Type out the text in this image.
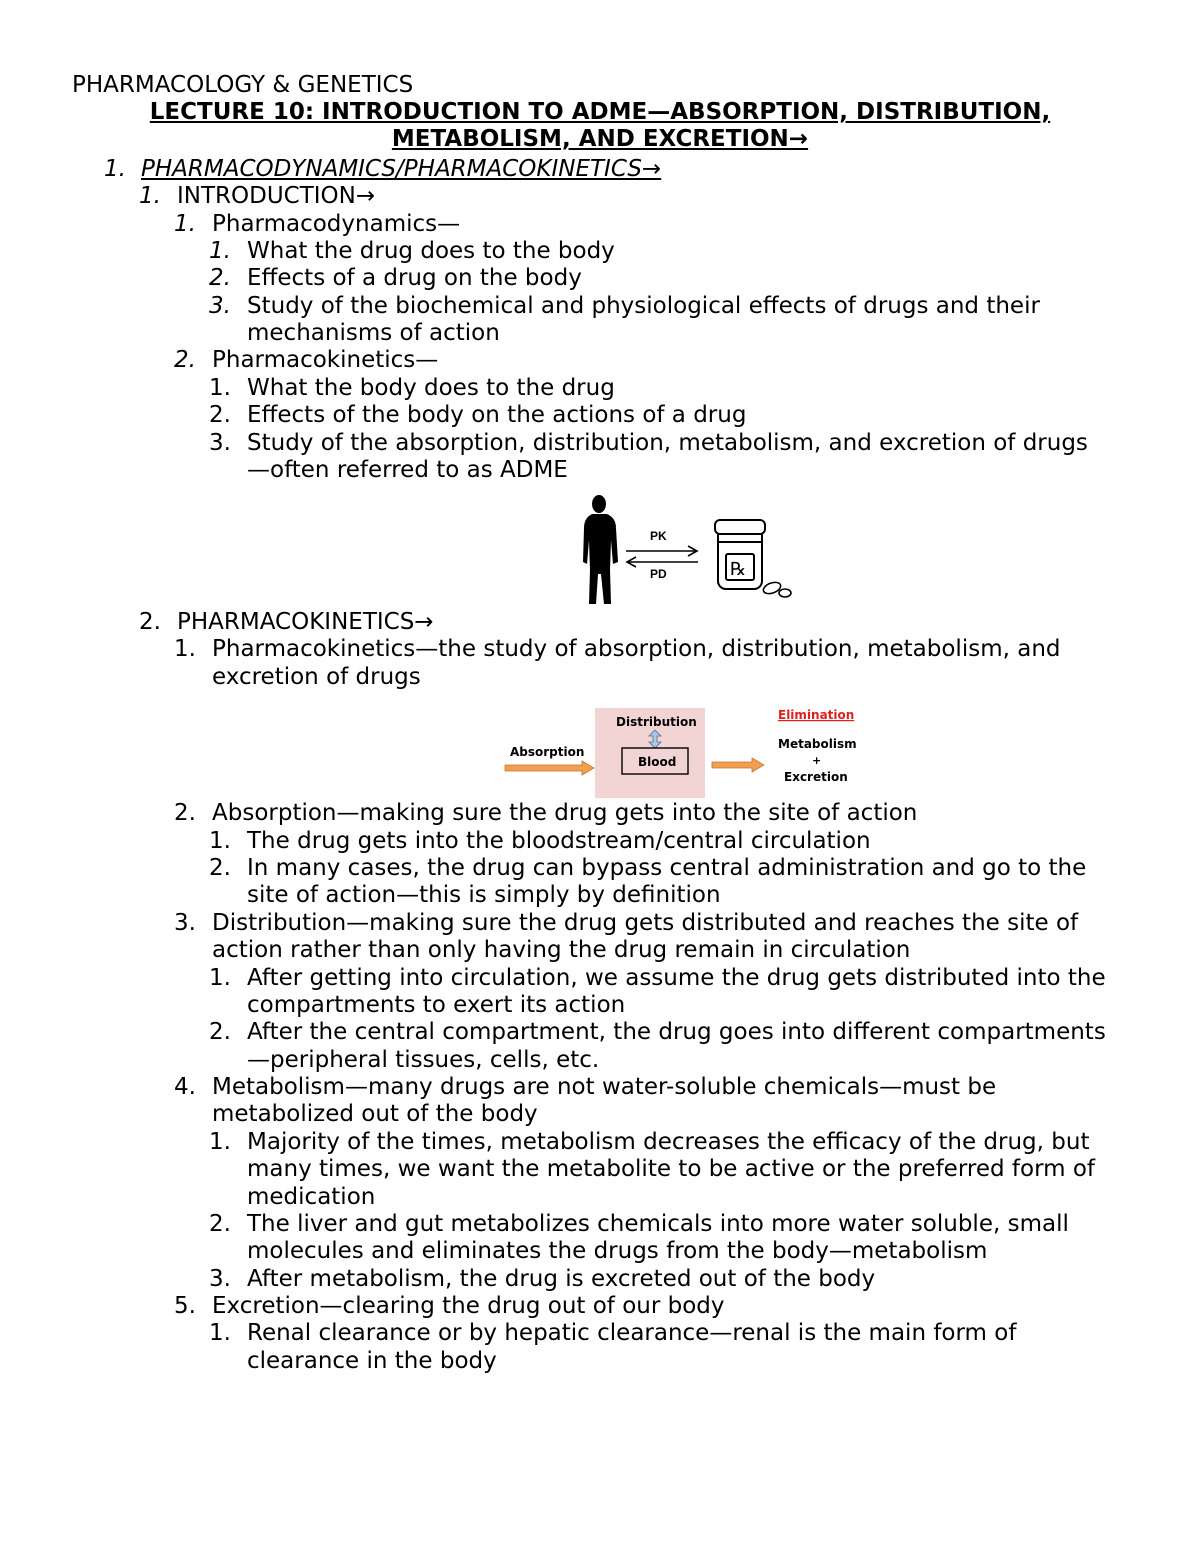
PHARMACOLOGY & GENETICS
LECTURE 10: INTRODUCTION TO ADME—ABSORPTION, DISTRIBUTION,
METABOLISM, AND EXCRETION→
1. PHARMACODYNAMICS/PHARMACOKINETICS→
1. INTRODUCTION→
1. Pharmacodynamics—
1. What the drug does to the body
2. Effects of a drug on the body
3. Study of the biochemical and physiological effects of drugs and their
mechanisms of action
2. Pharmacokinetics—
1. What the body does to the drug
2. Effects of the body on the actions of a drug
3. Study of the absorption, distribution, metabolism, and excretion of drugs
—often referred to as ADME
PK
PD	℞
2. PHARMACOKINETICS→
1. Pharmacokinetics—the study of absorption, distribution, metabolism, and
excretion of drugs
Absorption
Distribution
Blood
Elimination
Metabolism
+
Excretion
2. Absorption—making sure the drug gets into the site of action
1. The drug gets into the bloodstream/central circulation
2. In many cases, the drug can bypass central administration and go to the
site of action—this is simply by definition
3. Distribution—making sure the drug gets distributed and reaches the site of
action rather than only having the drug remain in circulation
1. After getting into circulation, we assume the drug gets distributed into the
compartments to exert its action
2. After the central compartment, the drug goes into different compartments
—peripheral tissues, cells, etc.
4. Metabolism—many drugs are not water-soluble chemicals—must be
metabolized out of the body
1. Majority of the times, metabolism decreases the efficacy of the drug, but
many times, we want the metabolite to be active or the preferred form of
medication
2. The liver and gut metabolizes chemicals into more water soluble, small
molecules and eliminates the drugs from the body—metabolism
3. After metabolism, the drug is excreted out of the body
5. Excretion—clearing the drug out of our body
1. Renal clearance or by hepatic clearance—renal is the main form of
clearance in the body
